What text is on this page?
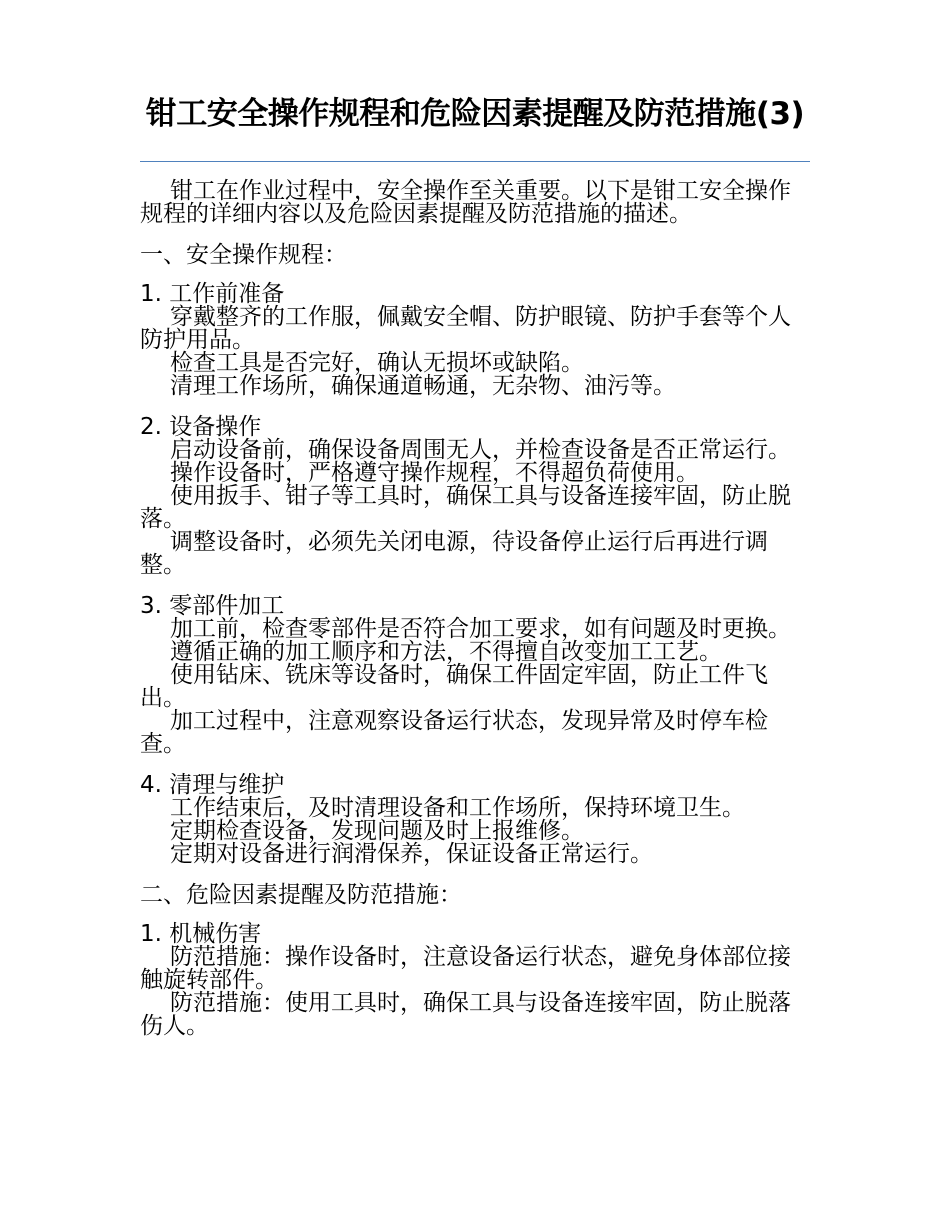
钳工安全操作规程和危险因素提醒及防范措施(3)

钳工在作业过程中，安全操作至关重要。以下是钳工安全操作规程的详细内容以及危险因素提醒及防范措施的描述。

一、安全操作规程：

1. 工作前准备

穿戴整齐的工作服，佩戴安全帽、防护眼镜、防护手套等个人防护用品。

检查工具是否完好，确认无损坏或缺陷。

清理工作场所，确保通道畅通，无杂物、油污等。

2. 设备操作

启动设备前，确保设备周围无人，并检查设备是否正常运行。

操作设备时，严格遵守操作规程，不得超负荷使用。

使用扳手、钳子等工具时，确保工具与设备连接牢固，防止脱落。

调整设备时，必须先关闭电源，待设备停止运行后再进行调整。

3. 零部件加工

加工前，检查零部件是否符合加工要求，如有问题及时更换。

遵循正确的加工顺序和方法，不得擅自改变加工工艺。

使用钻床、铣床等设备时，确保工件固定牢固，防止工件飞出。

加工过程中，注意观察设备运行状态，发现异常及时停车检查。

4. 清理与维护

工作结束后，及时清理设备和工作场所，保持环境卫生。

定期检查设备，发现问题及时上报维修。

定期对设备进行润滑保养，保证设备正常运行。

二、危险因素提醒及防范措施：

1. 机械伤害

防范措施：操作设备时，注意设备运行状态，避免身体部位接触旋转部件。

防范措施：使用工具时，确保工具与设备连接牢固，防止脱落伤人。
